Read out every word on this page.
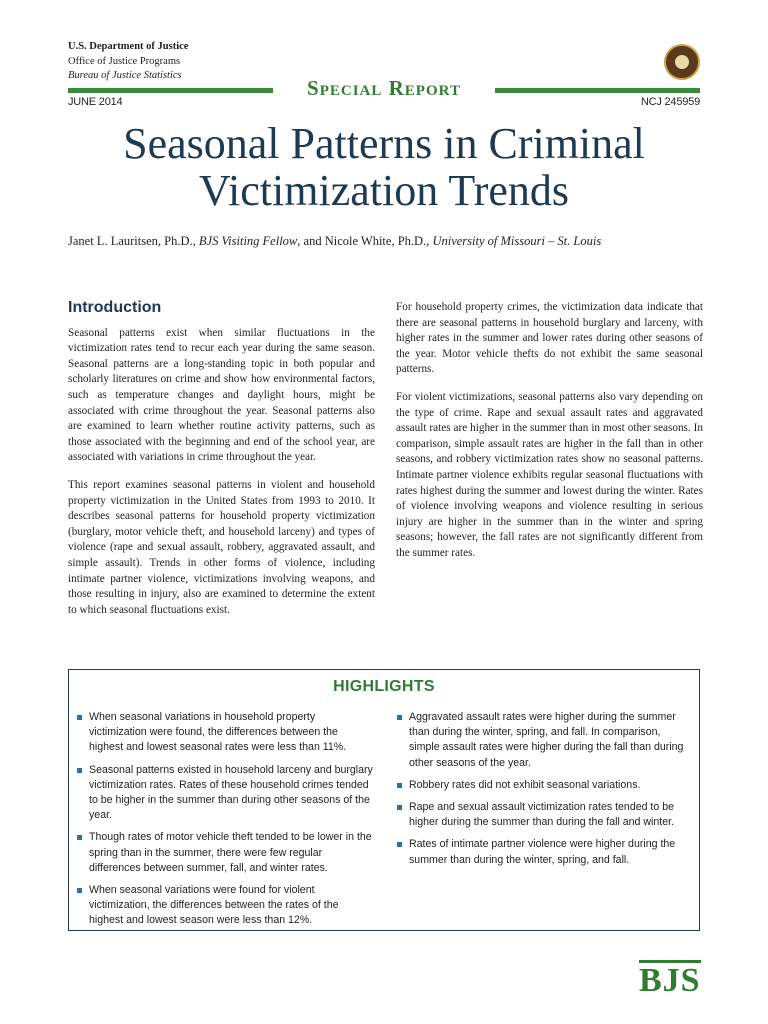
U.S. Department of Justice
Office of Justice Programs
Bureau of Justice Statistics
Special Report
JUNE 2014	NCJ 245959
Seasonal Patterns in Criminal
Victimization Trends
Janet L. Lauritsen, Ph.D., BJS Visiting Fellow, and Nicole White, Ph.D., University of Missouri – St. Louis
Introduction

Seasonal patterns exist when similar fluctuations in the victimization rates tend to recur each year during the same season. Seasonal patterns are a long-standing topic in both popular and scholarly literatures on crime and show how environmental factors, such as temperature changes and daylight hours, might be associated with crime throughout the year. Seasonal patterns also are examined to learn whether routine activity patterns, such as those associated with the beginning and end of the school year, are associated with variations in crime throughout the year.

This report examines seasonal patterns in violent and household property victimization in the United States from 1993 to 2010. It describes seasonal patterns for household property victimization (burglary, motor vehicle theft, and household larceny) and types of violence (rape and sexual assault, robbery, aggravated assault, and simple assault). Trends in other forms of violence, including intimate partner violence, victimizations involving weapons, and those resulting in injury, also are examined to determine the extent to which seasonal fluctuations exist.

For household property crimes, the victimization data indicate that there are seasonal patterns in household burglary and larceny, with higher rates in the summer and lower rates during other seasons of the year. Motor vehicle thefts do not exhibit the same seasonal patterns.

For violent victimizations, seasonal patterns also vary depending on the type of crime. Rape and sexual assault rates and aggravated assault rates are higher in the summer than in most other seasons. In comparison, simple assault rates are higher in the fall than in other seasons, and robbery victimization rates show no seasonal patterns. Intimate partner violence exhibits regular seasonal fluctuations with rates highest during the summer and lowest during the winter. Rates of violence involving weapons and violence resulting in serious injury are higher in the summer than in the winter and spring seasons; however, the fall rates are not significantly different from the summer rates.

HIGHLIGHTS
When seasonal variations in household property victimization were found, the differences between the highest and lowest seasonal rates were less than 11%.
Seasonal patterns existed in household larceny and burglary victimization rates. Rates of these household crimes tended to be higher in the summer than during other seasons of the year.
Though rates of motor vehicle theft tended to be lower in the spring than in the summer, there were few regular differences between summer, fall, and winter rates.
When seasonal variations were found for violent victimization, the differences between the rates of the highest and lowest season were less than 12%.
Aggravated assault rates were higher during the summer than during the winter, spring, and fall. In comparison, simple assault rates were higher during the fall than during other seasons of the year.
Robbery rates did not exhibit seasonal variations.
Rape and sexual assault victimization rates tended to be higher during the summer than during the fall and winter.
Rates of intimate partner violence were higher during the summer than during the winter, spring, and fall.
BJS
